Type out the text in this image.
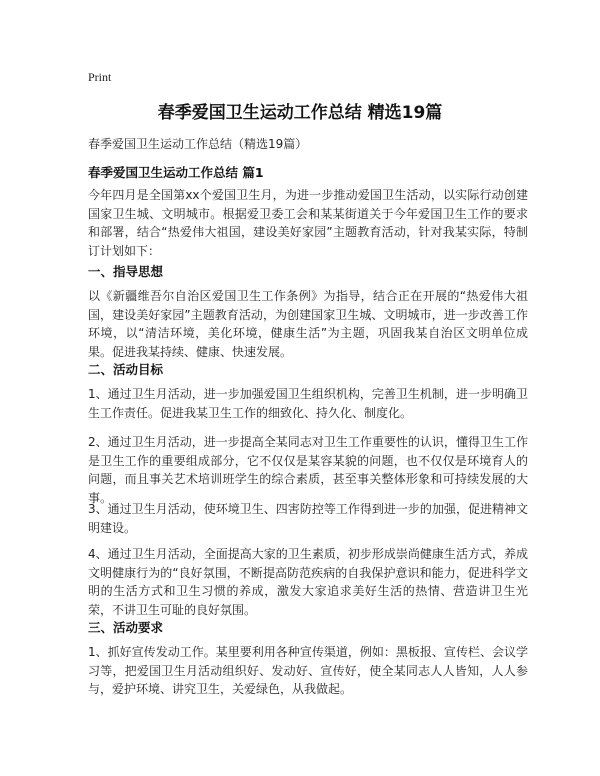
Print
春季爱国卫生运动工作总结 精选19篇
春季爱国卫生运动工作总结（精选19篇）
春季爱国卫生运动工作总结 篇1

今年四月是全国第xx个爱国卫生月，为进一步推动爱国卫生活动，以实际行动创建国家卫生城、文明城市。根据爱卫委工会和某某街道关于今年爱国卫生工作的要求和部署，结合“热爱伟大祖国，建设美好家园”主题教育活动，针对我某实际，特制订计划如下：

一、指导思想

以《新疆维吾尔自治区爱国卫生工作条例》为指导，结合正在开展的“热爱伟大祖国，建设美好家园”主题教育活动，为创建国家卫生城、文明城市，进一步改善工作环境，以“清洁环境，美化环境，健康生活”为主题，巩固我某自治区文明单位成果。促进我某持续、健康、快速发展。

二、活动目标

1、通过卫生月活动，进一步加强爱国卫生组织机构，完善卫生机制，进一步明确卫生工作责任。促进我某卫生工作的细致化、持久化、制度化。

2、通过卫生月活动，进一步提高全某同志对卫生工作重要性的认识，懂得卫生工作是卫生工作的重要组成部分，它不仅仅是某容某貌的问题，也不仅仅是环境育人的问题，而且事关艺术培训班学生的综合素质，甚至事关整体形象和可持续发展的大事。

3、通过卫生月活动，使环境卫生、四害防控等工作得到进一步的加强，促进精神文明建设。

4、通过卫生月活动，全面提高大家的卫生素质，初步形成崇尚健康生活方式，养成文明健康行为的“良好氛围，不断提高防范疾病的自我保护意识和能力，促进科学文明的生活方式和卫生习惯的养成，激发大家追求美好生活的热情、营造讲卫生光荣，不讲卫生可耻的良好氛围。

三、活动要求

1、抓好宣传发动工作。某里要利用各种宣传渠道，例如：黑板报、宣传栏、会议学习等，把爱国卫生月活动组织好、发动好、宣传好，使全某同志人人皆知，人人参与，爱护环境、讲究卫生，关爱绿色，从我做起。
